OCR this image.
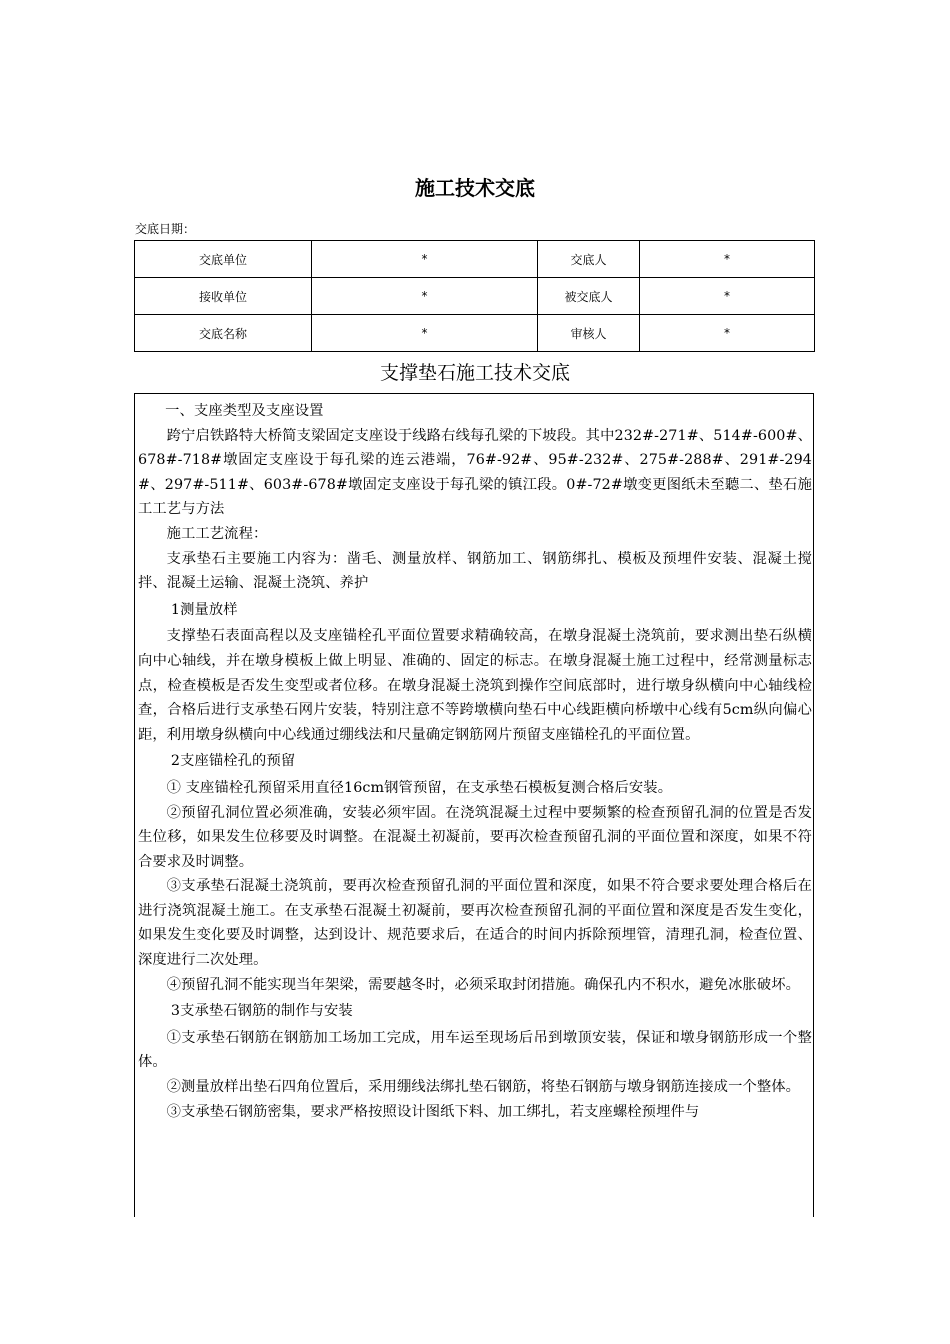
施工技术交底
交底日期：
交底单位	*	交底人	*
接收单位	*	被交底人	*
交底名称	*	审核人	*
支撑垫石施工技术交底

一、支座类型及支座设置

跨宁启铁路特大桥简支梁固定支座设于线路右线每孔梁的下坡段。其中232#-271#、514#-600#、678#-718#墩固定支座设于每孔梁的连云港端，76#-92#、95#-232#、275#-288#、291#-294#、297#-511#、603#-678#墩固定支座设于每孔梁的镇江段。0#-72#墩变更图纸未至聽二、垫石施工工艺与方法

施工工艺流程：

支承垫石主要施工内容为：凿毛、测量放样、钢筋加工、钢筋绑扎、模板及预埋件安装、混凝土搅拌、混凝土运输、混凝土浇筑、养护

1测量放样

支撑垫石表面高程以及支座锚栓孔平面位置要求精确较高，在墩身混凝土浇筑前，要求测出垫石纵横向中心轴线，并在墩身模板上做上明显、准确的、固定的标志。在墩身混凝土施工过程中，经常测量标志点，检查模板是否发生变型或者位移。在墩身混凝土浇筑到操作空间底部时，进行墩身纵横向中心轴线检查，合格后进行支承垫石网片安装，特别注意不等跨墩横向垫石中心线距横向桥墩中心线有5cm纵向偏心距，利用墩身纵横向中心线通过绷线法和尺量确定钢筋网片预留支座锚栓孔的平面位置。

2支座锚栓孔的预留

① 支座锚栓孔预留采用直径16cm钢管预留，在支承垫石模板复测合格后安装。

②预留孔洞位置必须准确，安装必须牢固。在浇筑混凝土过程中要频繁的检查预留孔洞的位置是否发生位移，如果发生位移要及时调整。在混凝土初凝前，要再次检查预留孔洞的平面位置和深度，如果不符合要求及时调整。

③支承垫石混凝土浇筑前，要再次检查预留孔洞的平面位置和深度，如果不符合要求要处理合格后在进行浇筑混凝土施工。在支承垫石混凝土初凝前，要再次检查预留孔洞的平面位置和深度是否发生变化，如果发生变化要及时调整，达到设计、规范要求后，在适合的时间内拆除预埋管，清理孔洞，检查位置、深度进行二次处理。

④预留孔洞不能实现当年架梁，需要越冬时，必须采取封闭措施。确保孔内不积水，避免冰胀破坏。

3支承垫石钢筋的制作与安装

①支承垫石钢筋在钢筋加工场加工完成，用车运至现场后吊到墩顶安装，保证和墩身钢筋形成一个整体。

②测量放样出垫石四角位置后，采用绷线法绑扎垫石钢筋，将垫石钢筋与墩身钢筋连接成一个整体。

③支承垫石钢筋密集，要求严格按照设计图纸下料、加工绑扎，若支座螺栓预埋件与
